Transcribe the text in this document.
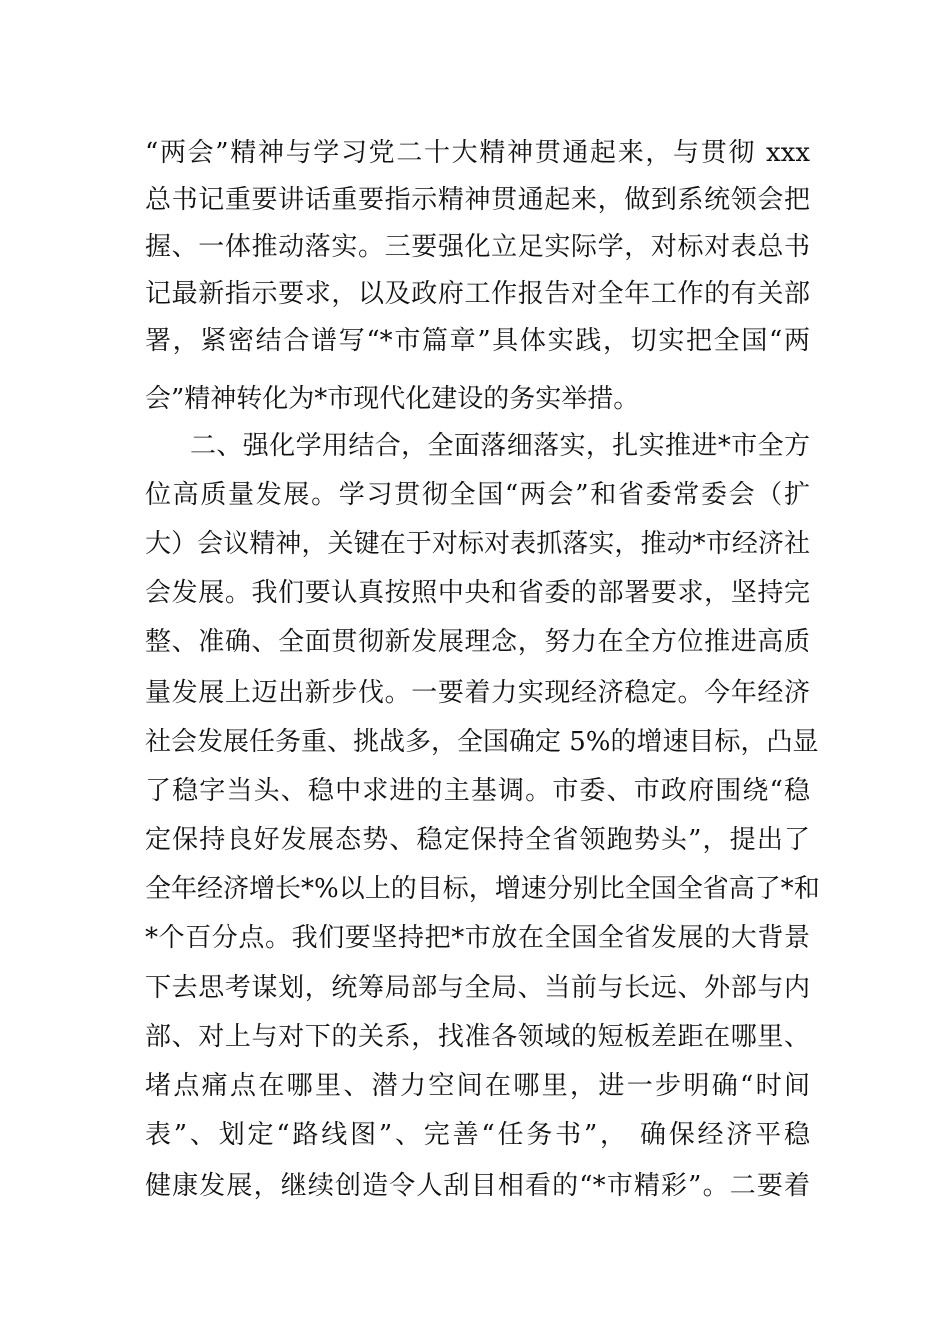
“两会”精神与学习党二十大精神贯通起来，与贯彻 xxx
总书记重要讲话重要指示精神贯通起来，做到系统领会把
握、一体推动落实。三要强化立足实际学，对标对表总书
记最新指示要求，以及政府工作报告对全年工作的有关部
署，紧密结合谱写“*市篇章”具体实践，切实把全国“两
会”精神转化为*市现代化建设的务实举措。
二、强化学用结合，全面落细落实，扎实推进*市全方
位高质量发展。学习贯彻全国“两会”和省委常委会（扩
大）会议精神，关键在于对标对表抓落实，推动*市经济社
会发展。我们要认真按照中央和省委的部署要求，坚持完
整、准确、全面贯彻新发展理念，努力在全方位推进高质
量发展上迈出新步伐。一要着力实现经济稳定。今年经济
社会发展任务重、挑战多，全国确定 5%的增速目标，凸显
了稳字当头、稳中求进的主基调。市委、市政府围绕“稳
定保持良好发展态势、稳定保持全省领跑势头”，提出了
全年经济增长*%以上的目标，增速分别比全国全省高了*和
*个百分点。我们要坚持把*市放在全国全省发展的大背景
下去思考谋划，统筹局部与全局、当前与长远、外部与内
部、对上与对下的关系，找准各领域的短板差距在哪里、
堵点痛点在哪里、潜力空间在哪里，进一步明确“时间
表”、划定“路线图”、完善“任务书”， 确保经济平稳
健康发展，继续创造令人刮目相看的“*市精彩”。二要着
